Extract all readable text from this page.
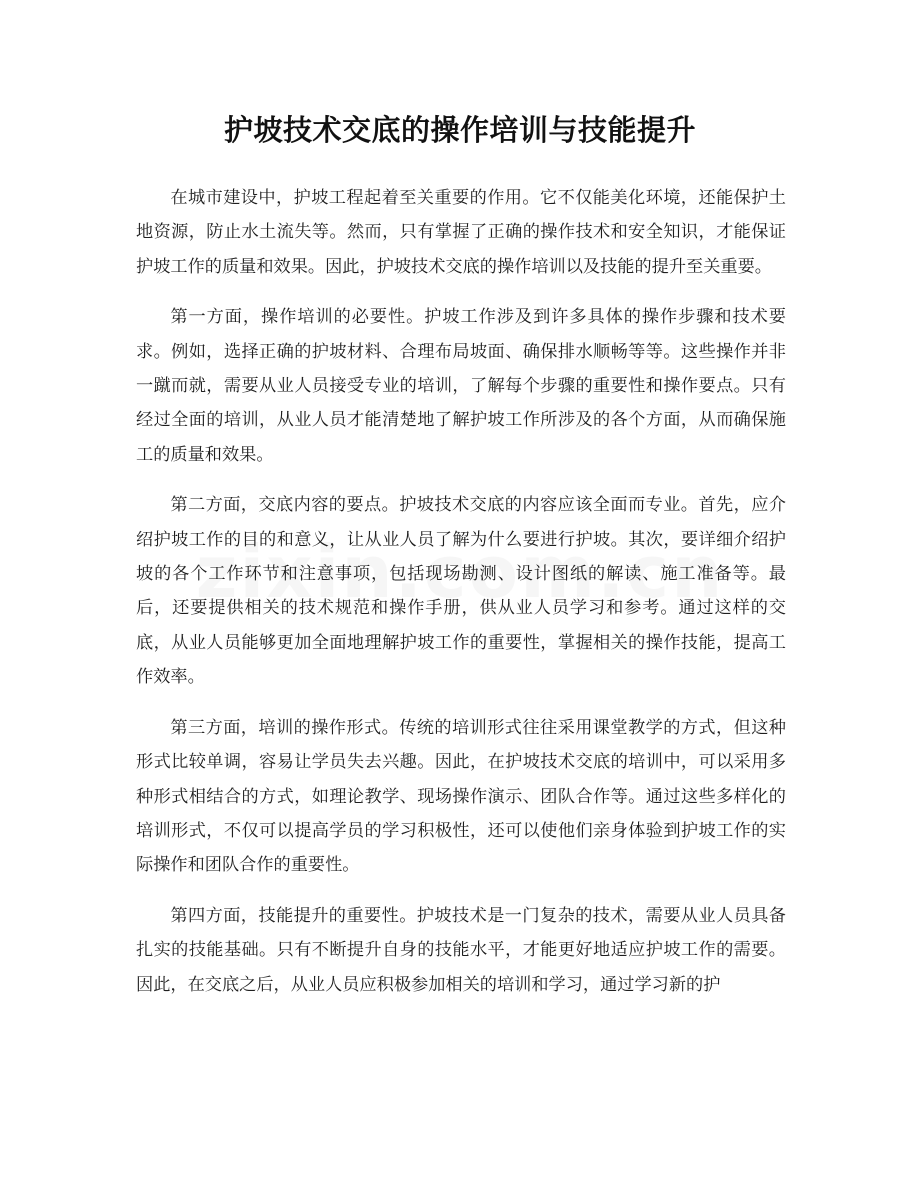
护坡技术交底的操作培训与技能提升

在城市建设中，护坡工程起着至关重要的作用。它不仅能美化环境，还能保护土地资源，防止水土流失等。然而，只有掌握了正确的操作技术和安全知识，才能保证护坡工作的质量和效果。因此，护坡技术交底的操作培训以及技能的提升至关重要。

第一方面，操作培训的必要性。护坡工作涉及到许多具体的操作步骤和技术要求。例如，选择正确的护坡材料、合理布局坡面、确保排水顺畅等等。这些操作并非一蹴而就，需要从业人员接受专业的培训，了解每个步骤的重要性和操作要点。只有经过全面的培训，从业人员才能清楚地了解护坡工作所涉及的各个方面，从而确保施工的质量和效果。

第二方面，交底内容的要点。护坡技术交底的内容应该全面而专业。首先，应介绍护坡工作的目的和意义，让从业人员了解为什么要进行护坡。其次，要详细介绍护坡的各个工作环节和注意事项，包括现场勘测、设计图纸的解读、施工准备等。最后，还要提供相关的技术规范和操作手册，供从业人员学习和参考。通过这样的交底，从业人员能够更加全面地理解护坡工作的重要性，掌握相关的操作技能，提高工作效率。

第三方面，培训的操作形式。传统的培训形式往往采用课堂教学的方式，但这种形式比较单调，容易让学员失去兴趣。因此，在护坡技术交底的培训中，可以采用多种形式相结合的方式，如理论教学、现场操作演示、团队合作等。通过这些多样化的培训形式，不仅可以提高学员的学习积极性，还可以使他们亲身体验到护坡工作的实际操作和团队合作的重要性。

第四方面，技能提升的重要性。护坡技术是一门复杂的技术，需要从业人员具备扎实的技能基础。只有不断提升自身的技能水平，才能更好地适应护坡工作的需要。因此，在交底之后，从业人员应积极参加相关的培训和学习，通过学习新的护
